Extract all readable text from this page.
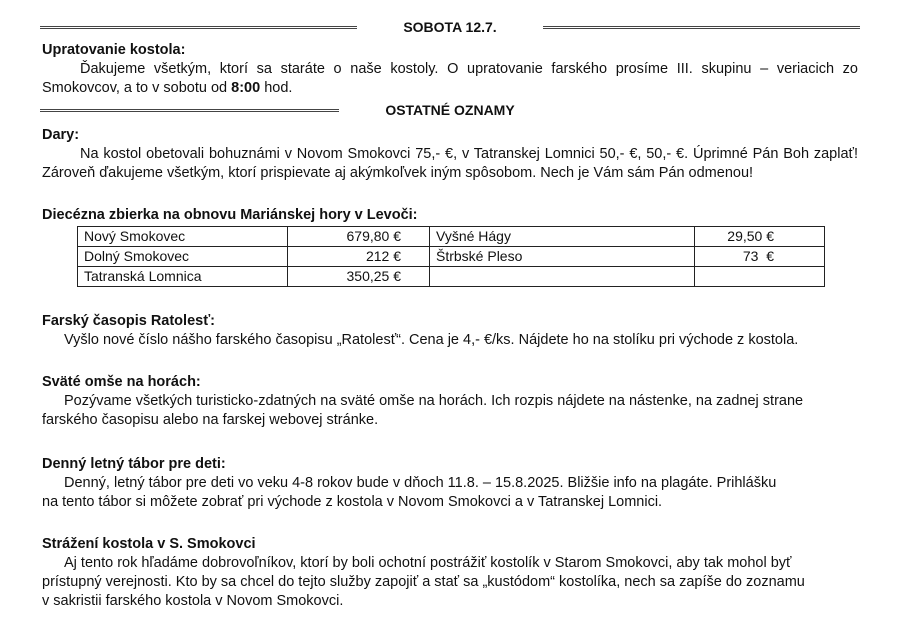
SOBOTA 12.7.
Upratovanie kostola:
Ďakujeme všetkým, ktorí sa staráte o naše kostoly. O upratovanie farského prosíme III. skupinu – veriacich zo Smokovcov, a to v sobotu od 8:00 hod.
OSTATNÉ OZNAMY
Dary:
Na kostol obetovali bohuznámi v Novom Smokovci 75,- €, v Tatranskej Lomnici 50,- €, 50,- €. Úprimné Pán Boh zaplať! Zároveň ďakujeme všetkým, ktorí prispievate aj akýmkoľvek iným spôsobom. Nech je Vám sám Pán odmenou!
Diecézna zbierka na obnovu Mariánskej hory v Levoči:
Nový Smokovec	679,80 €	Vyšné Hágy	29,50 €
Dolný Smokovec	212 €	Štrbské Pleso	73  €
Tatranská Lomnica	350,25 €		
Farský časopis Ratolesť:
Vyšlo nové číslo nášho farského časopisu „Ratolesť“. Cena je 4,- €/ks. Nájdete ho na stolíku pri východe z kostola.
Sväté omše na horách:
Pozývame všetkých turisticko-zdatných na sväté omše na horách. Ich rozpis nájdete na nástenke, na zadnej strane
farského časopisu alebo na farskej webovej stránke.
Denný letný tábor pre deti:
Denný, letný tábor pre deti vo veku 4-8 rokov bude v dňoch 11.8. – 15.8.2025. Bližšie info na plagáte. Prihlášku
na tento tábor si môžete zobrať pri východe z kostola v Novom Smokovci a v Tatranskej Lomnici.
Strážení kostola v S. Smokovci
Aj tento rok hľadáme dobrovoľníkov, ktorí by boli ochotní postrážiť kostolík v Starom Smokovci, aby tak mohol byť
prístupný verejnosti. Kto by sa chcel do tejto služby zapojiť a stať sa „kustódom“ kostolíka, nech sa zapíše do zoznamu
v sakristii farského kostola v Novom Smokovci.
